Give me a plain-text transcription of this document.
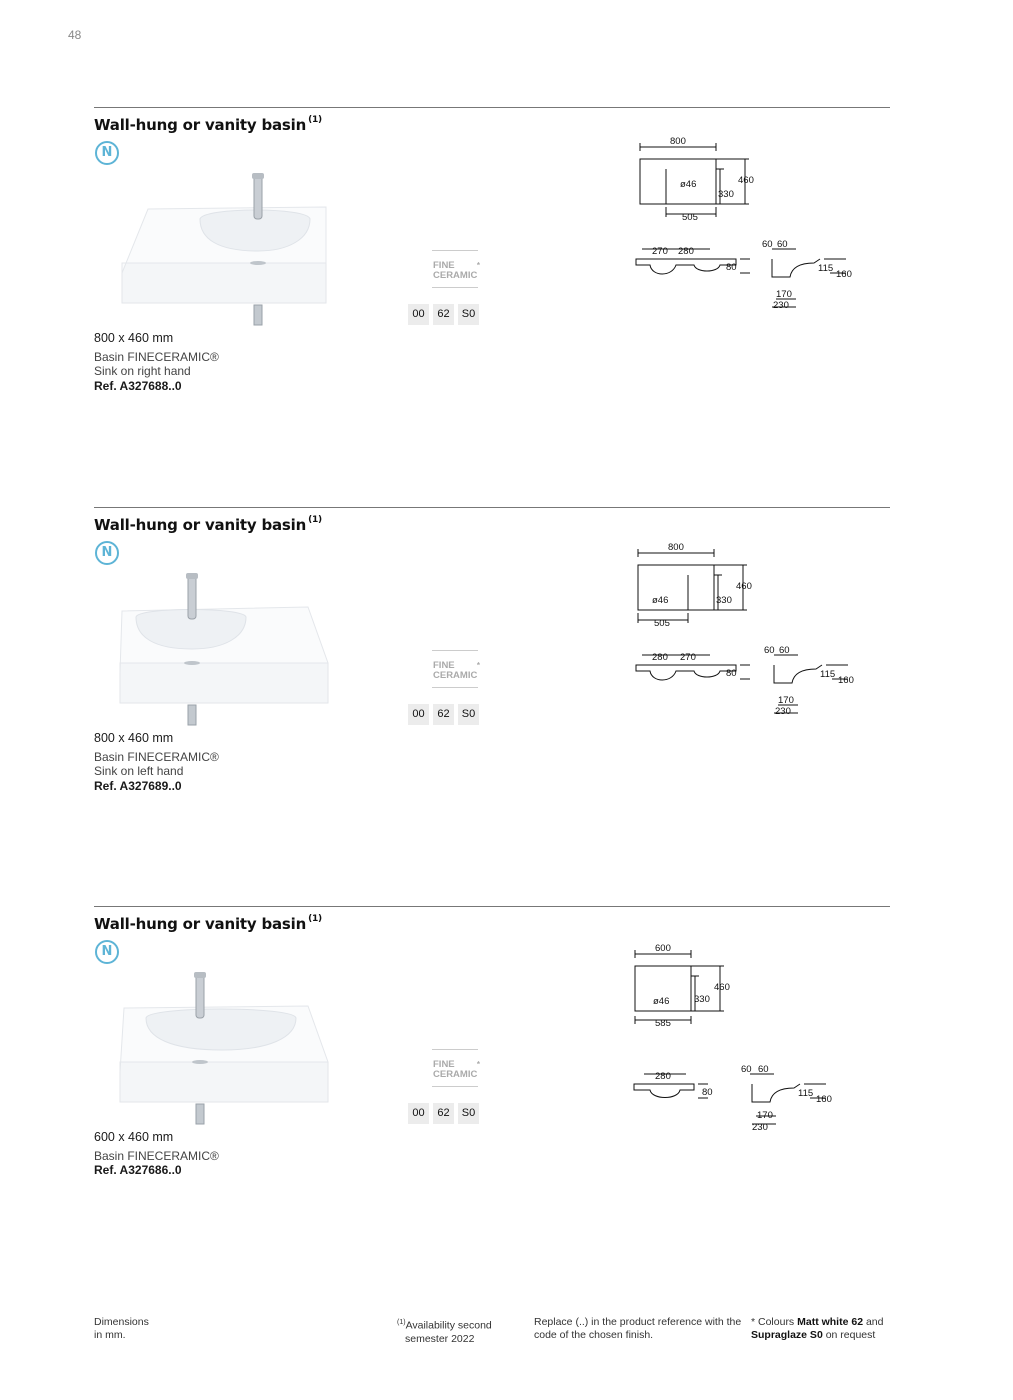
48
Wall-hung or vanity basin $^{(1)}$
N
FINE
CERAMIC
*
00	62	S0
800 x 460 mm
Basin FINECERAMIC®
Sink on right hand
Ref. A327688..0
800
ø46
330
460
505
270 280
80
60 60
115
160
170
230
Wall-hung or vanity basin $^{(1)}$
N
FINE
CERAMIC
*
00	62	S0
800 x 460 mm
Basin FINECERAMIC®
Sink on left hand
Ref. A327689..0
800
ø46	330
460
505
280 270
80
60 60
115
160
170
230
Wall-hung or vanity basin $^{(1)}$
N
FINE
CERAMIC
*
00	62	S0
600 x 460 mm
Basin FINECERAMIC®
Ref. A327686..0
600
ø46	330
460
585
280
80
60 60
115
160
170
230
Dimensions
in mm.
$^{(1)}$Availability second
semester 2022
Replace (..) in the product reference with the
code of the chosen finish.
* Colours Matt white 62 and
Supraglaze S0 on request
